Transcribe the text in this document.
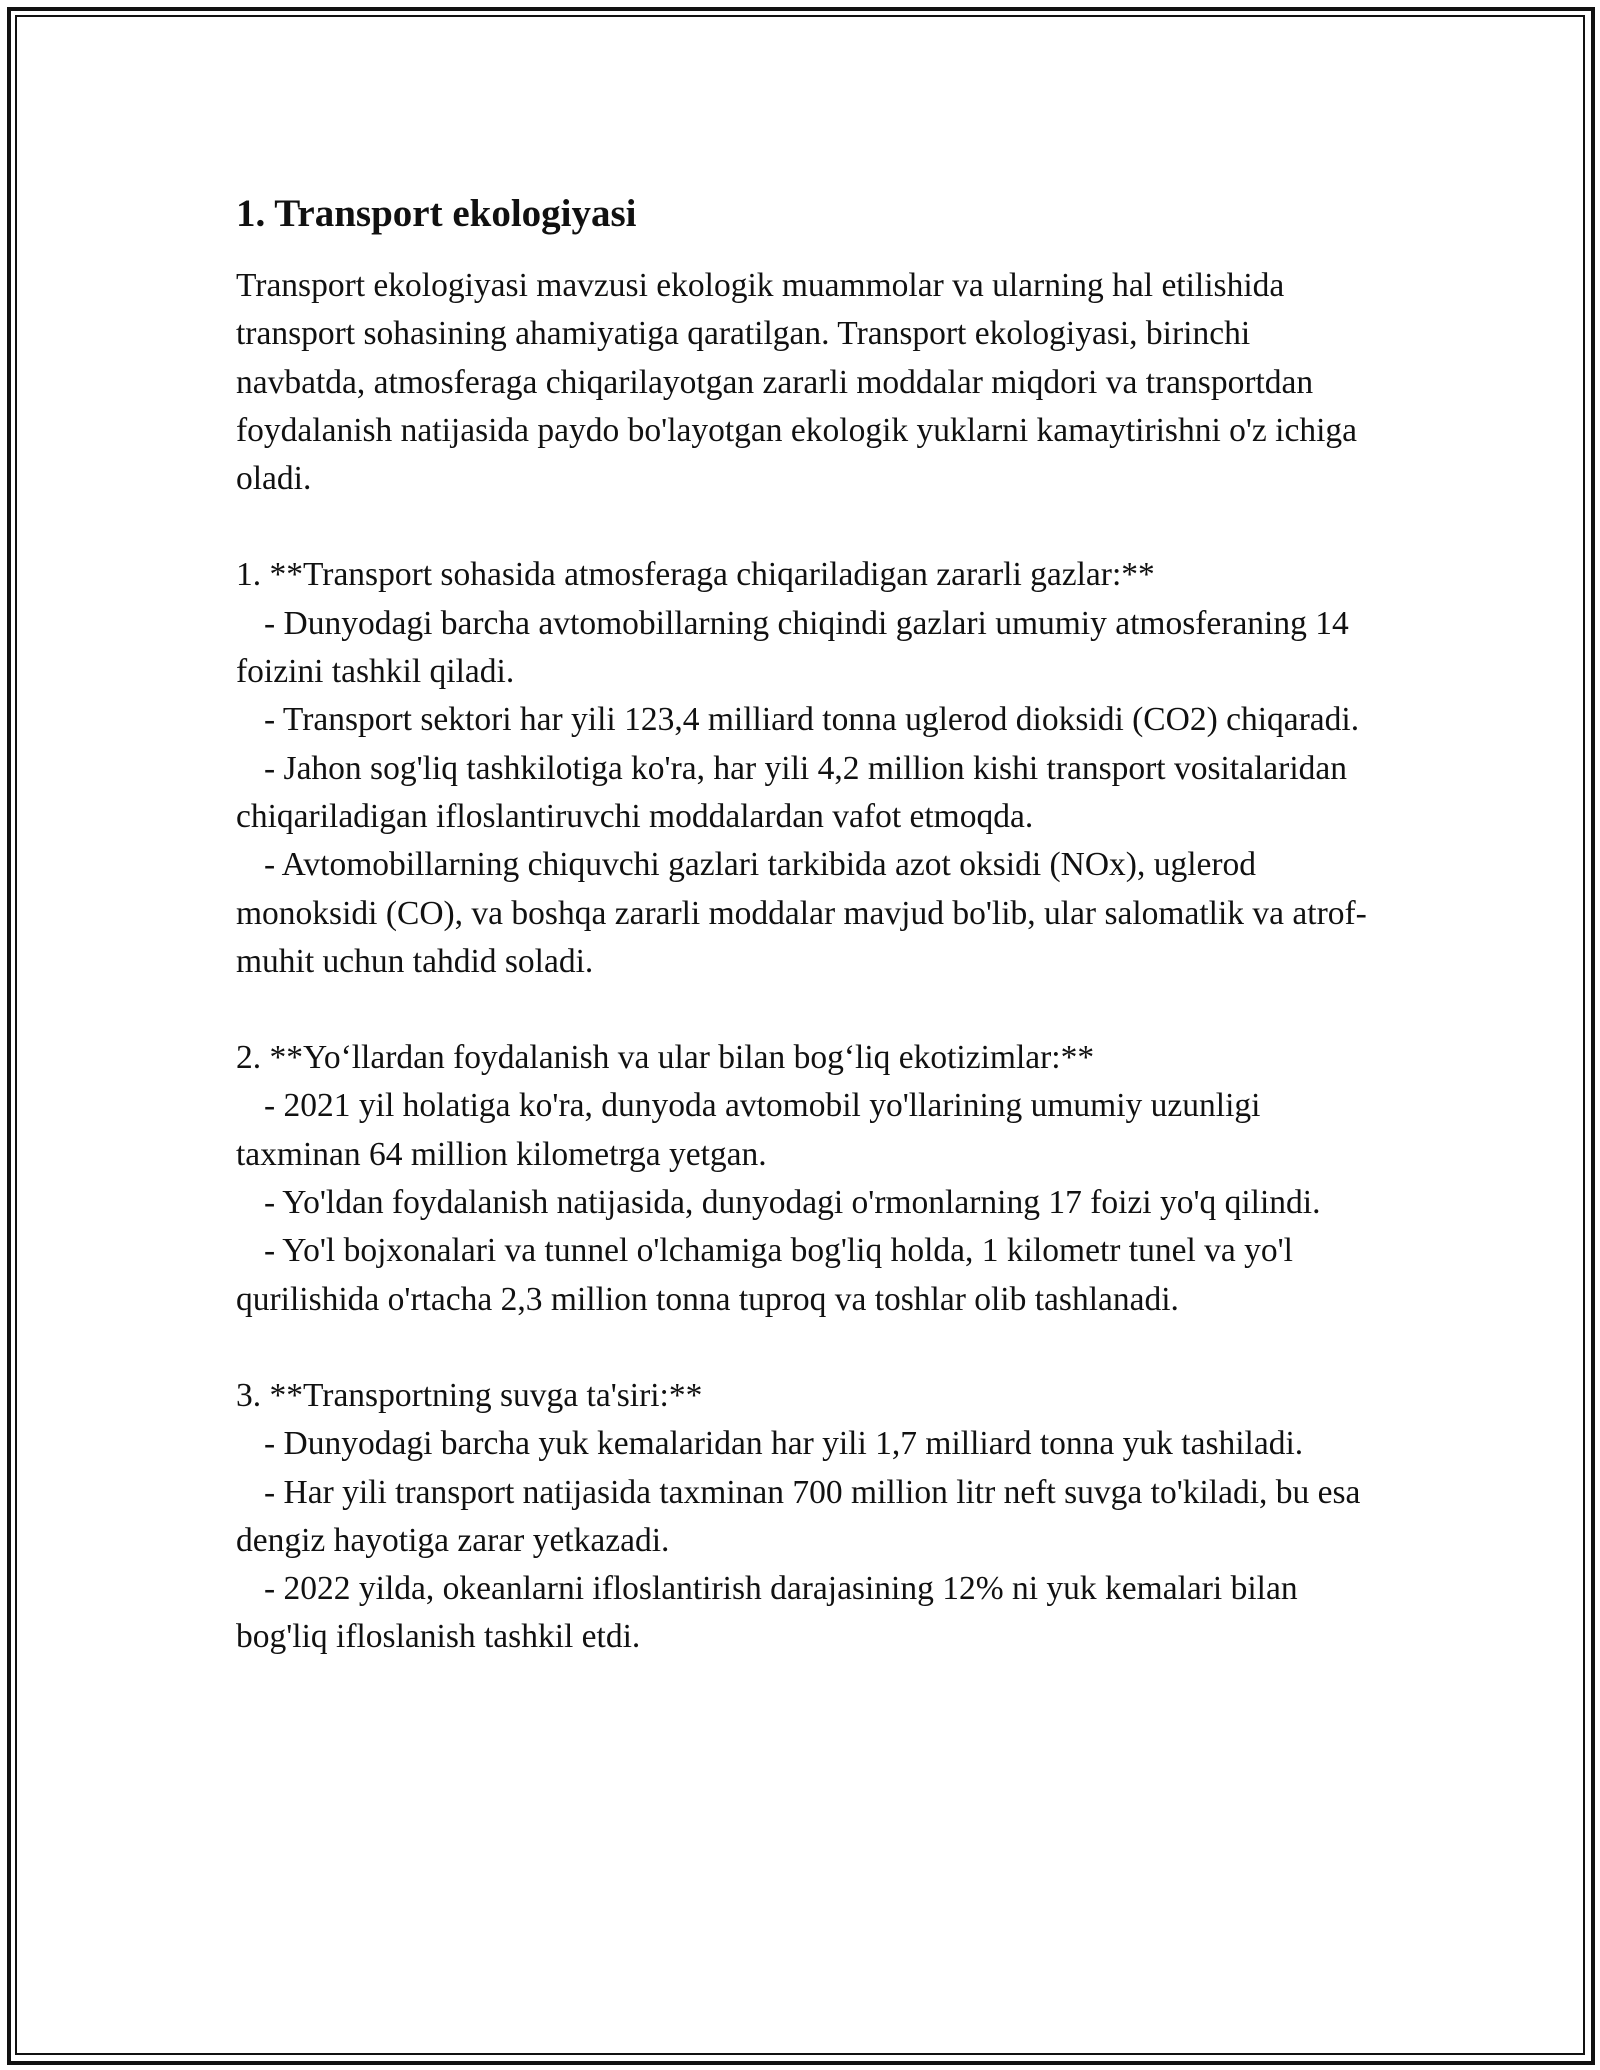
1. Transport ekologiyasi

Transport ekologiyasi mavzusi ekologik muammolar va ularning hal etilishida transport sohasining ahamiyatiga qaratilgan. Transport ekologiyasi, birinchi navbatda, atmosferaga chiqarilayotgan zararli moddalar miqdori va transportdan foydalanish natijasida paydo bo'layotgan ekologik yuklarni kamaytirishni o'z ichiga oladi.

1. **Transport sohasida atmosferaga chiqariladigan zararli gazlar:**

- Dunyodagi barcha avtomobillarning chiqindi gazlari umumiy atmosferaning 14 foizini tashkil qiladi.

- Transport sektori har yili 123,4 milliard tonna uglerod dioksidi (CO2) chiqaradi.

- Jahon sog'liq tashkilotiga ko'ra, har yili 4,2 million kishi transport vositalaridan chiqariladigan ifloslantiruvchi moddalardan vafot etmoqda.

- Avtomobillarning chiquvchi gazlari tarkibida azot oksidi (NOx), uglerod monoksidi (CO), va boshqa zararli moddalar mavjud bo'lib, ular salomatlik va atrof-muhit uchun tahdid soladi.

2. **Yo‘llardan foydalanish va ular bilan bog‘liq ekotizimlar:**

- 2021 yil holatiga ko'ra, dunyoda avtomobil yo'llarining umumiy uzunligi taxminan 64 million kilometrga yetgan.

- Yo'ldan foydalanish natijasida, dunyodagi o'rmonlarning 17 foizi yo'q qilindi.

- Yo'l bojxonalari va tunnel o'lchamiga bog'liq holda, 1 kilometr tunel va yo'l qurilishida o'rtacha 2,3 million tonna tuproq va toshlar olib tashlanadi.

3. **Transportning suvga ta'siri:**

- Dunyodagi barcha yuk kemalaridan har yili 1,7 milliard tonna yuk tashiladi.

- Har yili transport natijasida taxminan 700 million litr neft suvga to'kiladi, bu esa dengiz hayotiga zarar yetkazadi.

- 2022 yilda, okeanlarni ifloslantirish darajasining 12% ni yuk kemalari bilan bog'liq ifloslanish tashkil etdi.
